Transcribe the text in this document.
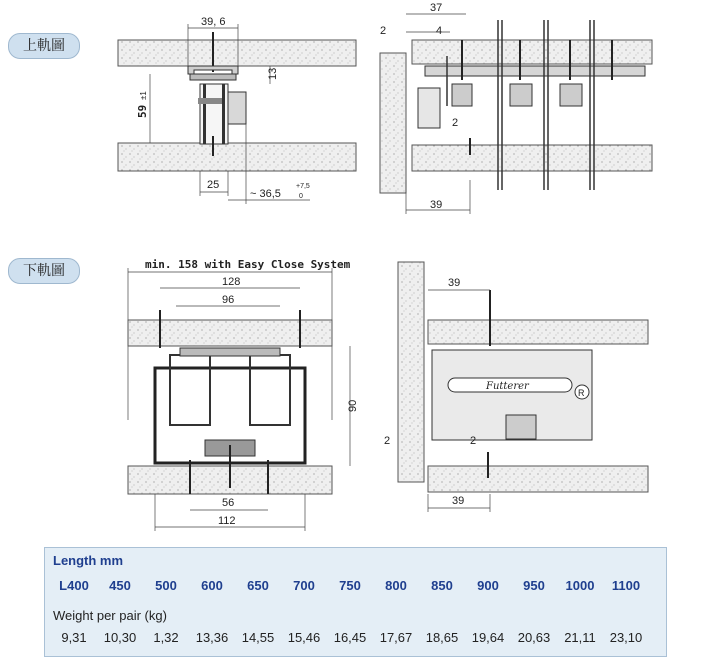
上軌圖
下軌圖
39, 6
13
59
±1
25
~ 36,5
+7,5
0
37
2	4
2
39
min. 158 with Easy Close System
128
96
90
56
112
Futterer
R
39
2	2
39
Length mm
L400	450	500	600	650	700	750	800	850	900	950	1000	1100
Weight per pair (kg)
9,31	10,30	1,32	13,36	14,55	15,46	16,45	17,67	18,65	19,64	20,63	21,11	23,10
